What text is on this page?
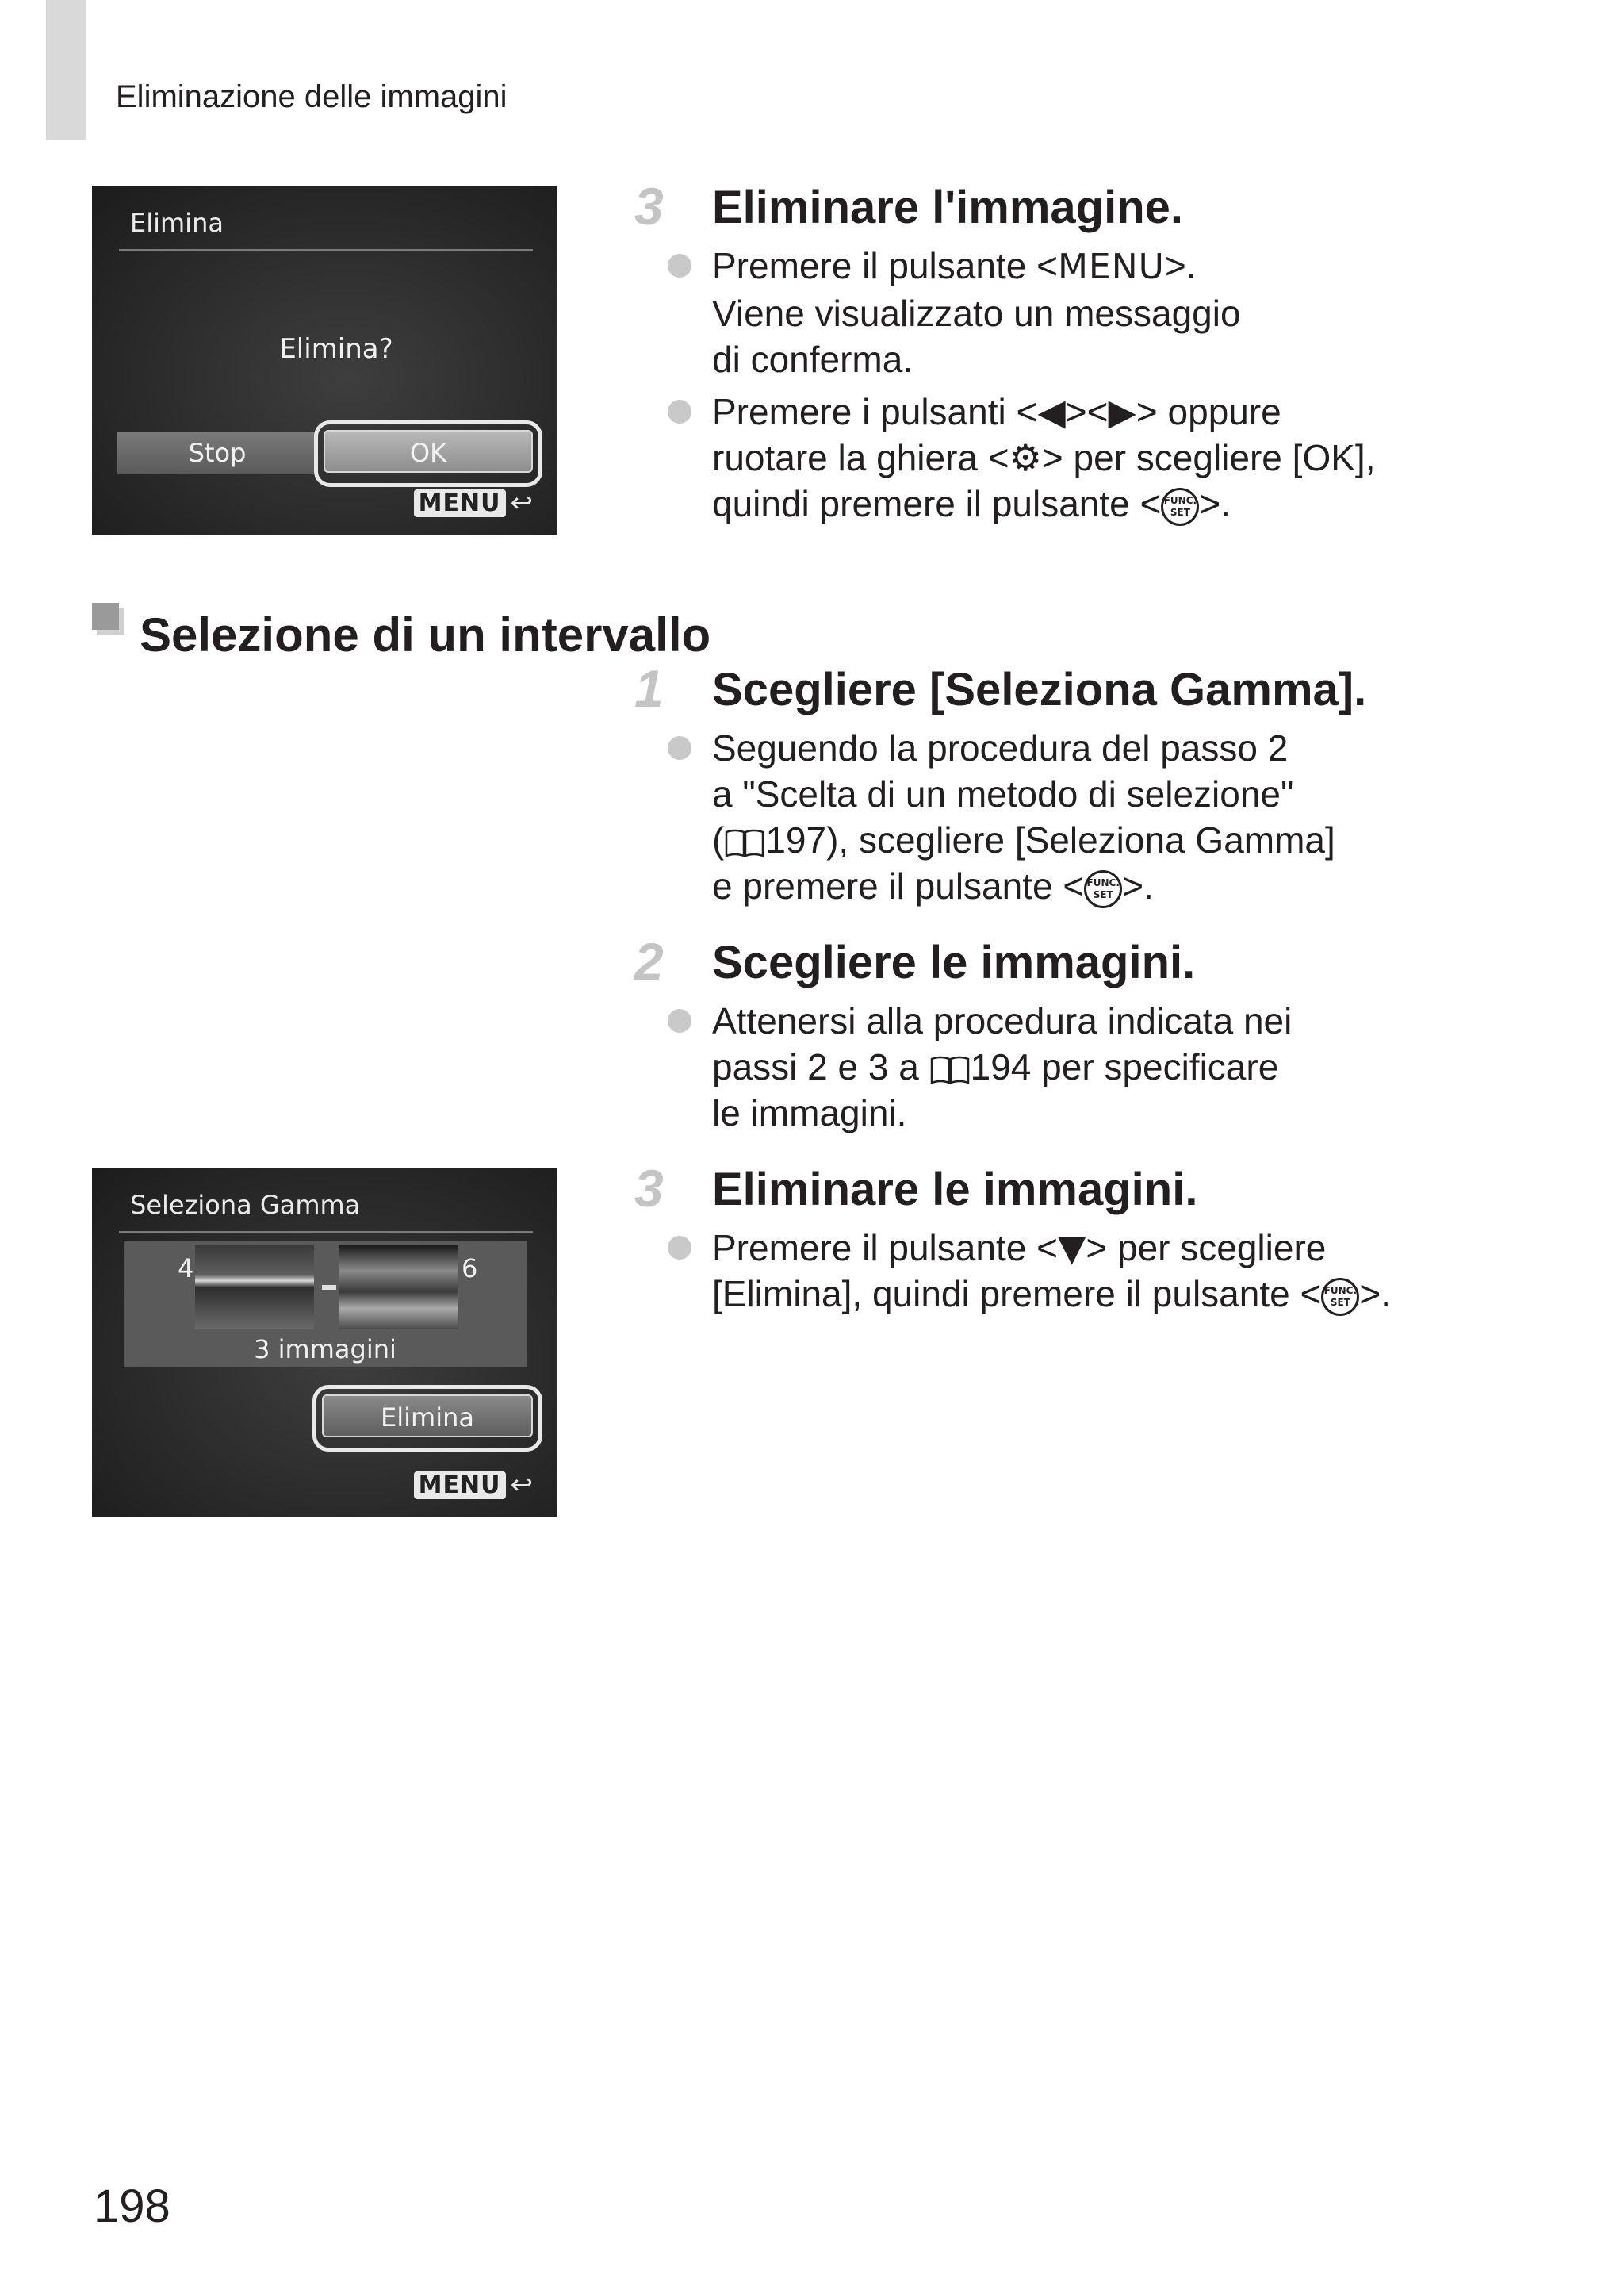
Eliminazione delle immagini
Elimina
Elimina?
Stop	OK
MENU ↩
3 Eliminare l'immagine.
Premere il pulsante <MENU>.
Viene visualizzato un messaggio
di conferma.
Premere i pulsanti <◀><▶> oppure
ruotare la ghiera <⚙> per scegliere [OK],
quindi premere il pulsante < FUNC.
SET >.
Selezione di un intervallo
1 Scegliere [Seleziona Gamma].
Seguendo la procedura del passo 2
a "Scelta di un metodo di selezione"
( 197), scegliere [Seleziona Gamma]
e premere il pulsante < FUNC.
SET >.
2 Scegliere le immagini.
Attenersi alla procedura indicata nei
passi 2 e 3 a 194 per specificare
le immagini.
Seleziona Gamma
4	6
3 immagini
Elimina
MENU ↩
3 Eliminare le immagini.
Premere il pulsante <▼> per scegliere
[Elimina], quindi premere il pulsante < FUNC.
SET >.
198
